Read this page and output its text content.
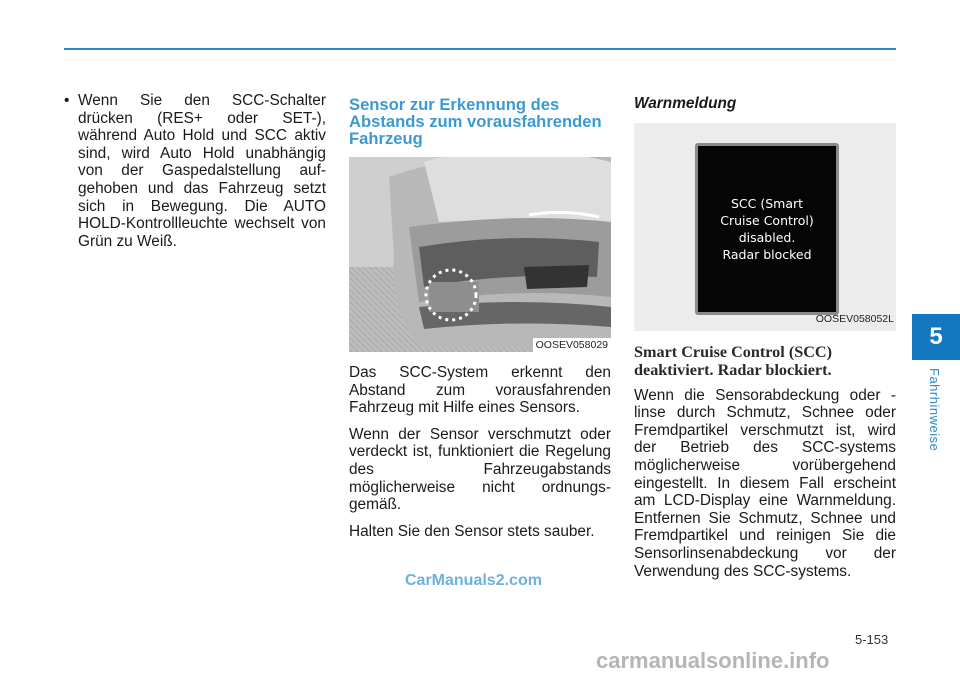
• Wenn Sie den SCC-Schalter drücken (RES+ oder SET-), während Auto Hold und SCC aktiv sind, wird Auto Hold unabhängig von der Gaspedalstellung auf-gehoben und das Fahrzeug setzt sich in Bewegung. Die AUTO HOLD-Kontrollleuchte wechselt von Grün zu Weiß.
Sensor zur Erkennung des Abstands zum vorausfahrenden Fahrzeug
OOSEV058029

Das SCC-System erkennt den Abstand zum vorausfahrenden Fahrzeug mit Hilfe eines Sensors.

Wenn der Sensor verschmutzt oder verdeckt ist, funktioniert die Regelung des Fahrzeugabstands möglicherweise nicht ordnungs-gemäß.

Halten Sie den Sensor stets sauber.

Warnmeldung
SCC (Smart
Cruise Control)
disabled.
Radar blocked
OOSEV058052L
Smart Cruise Control (SCC) deaktiviert. Radar blockiert.

Wenn die Sensorabdeckung oder -linse durch Schmutz, Schnee oder Fremdpartikel verschmutzt ist, wird der Betrieb des SCC-systems möglicherweise vorübergehend eingestellt. In diesem Fall erscheint am LCD-Display eine Warnmeldung. Entfernen Sie Schmutz, Schnee und Fremdpartikel und reinigen Sie die Sensorlinsenabdeckung vor der Verwendung des SCC-systems.

5
Fahrhinweise
5-153
CarManuals2.com
carmanualsonline.info
